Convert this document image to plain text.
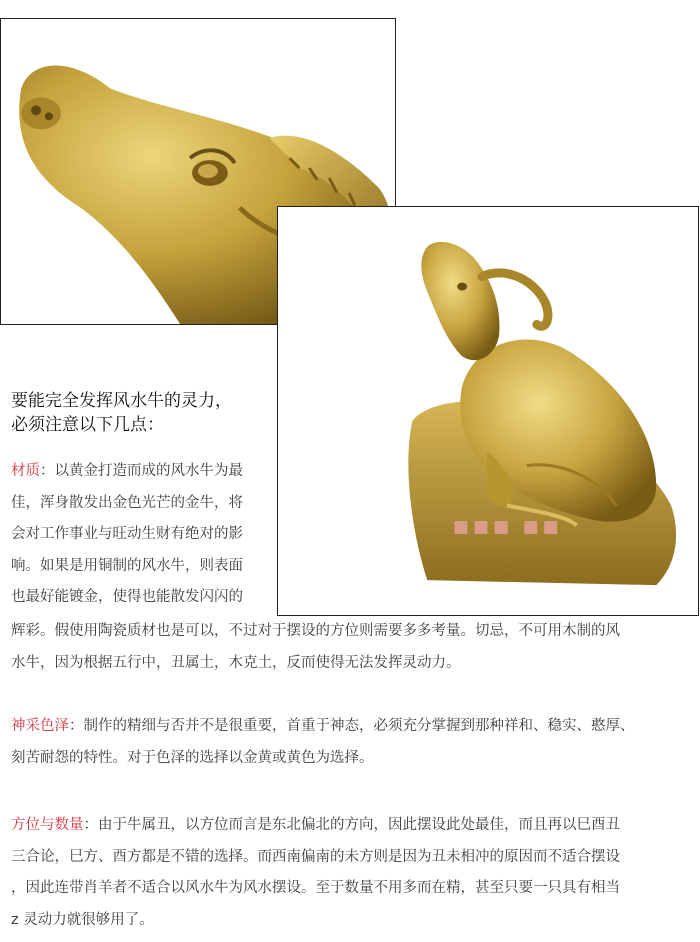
■■■ ■■
要能完全发挥风水牛的灵力，
必须注意以下几点：
材质：以黄金打造而成的风水牛为最
佳，浑身散发出金色光芒的金牛，将
会对工作事业与旺动生财有绝对的影
响。如果是用铜制的风水牛，则表面
也最好能镀金，使得也能散发闪闪的
辉彩。假使用陶瓷质材也是可以，不过对于摆设的方位则需要多多考量。切忌，不可用木制的风
水牛，因为根据五行中，丑属土，木克土，反而使得无法发挥灵动力。
神采色泽：制作的精细与否并不是很重要，首重于神态，必须充分掌握到那种祥和、稳实、憨厚、
刻苦耐怨的特性。对于色泽的选择以金黄或黄色为选择。
方位与数量：由于牛属丑，以方位而言是东北偏北的方向，因此摆设此处最佳，而且再以巳酉丑
三合论，巳方、酉方都是不错的选择。而西南偏南的未方则是因为丑未相冲的原因而不适合摆设
，因此连带肖羊者不适合以风水牛为风水摆设。至于数量不用多而在精，甚至只要一只具有相当
z 灵动力就很够用了。
